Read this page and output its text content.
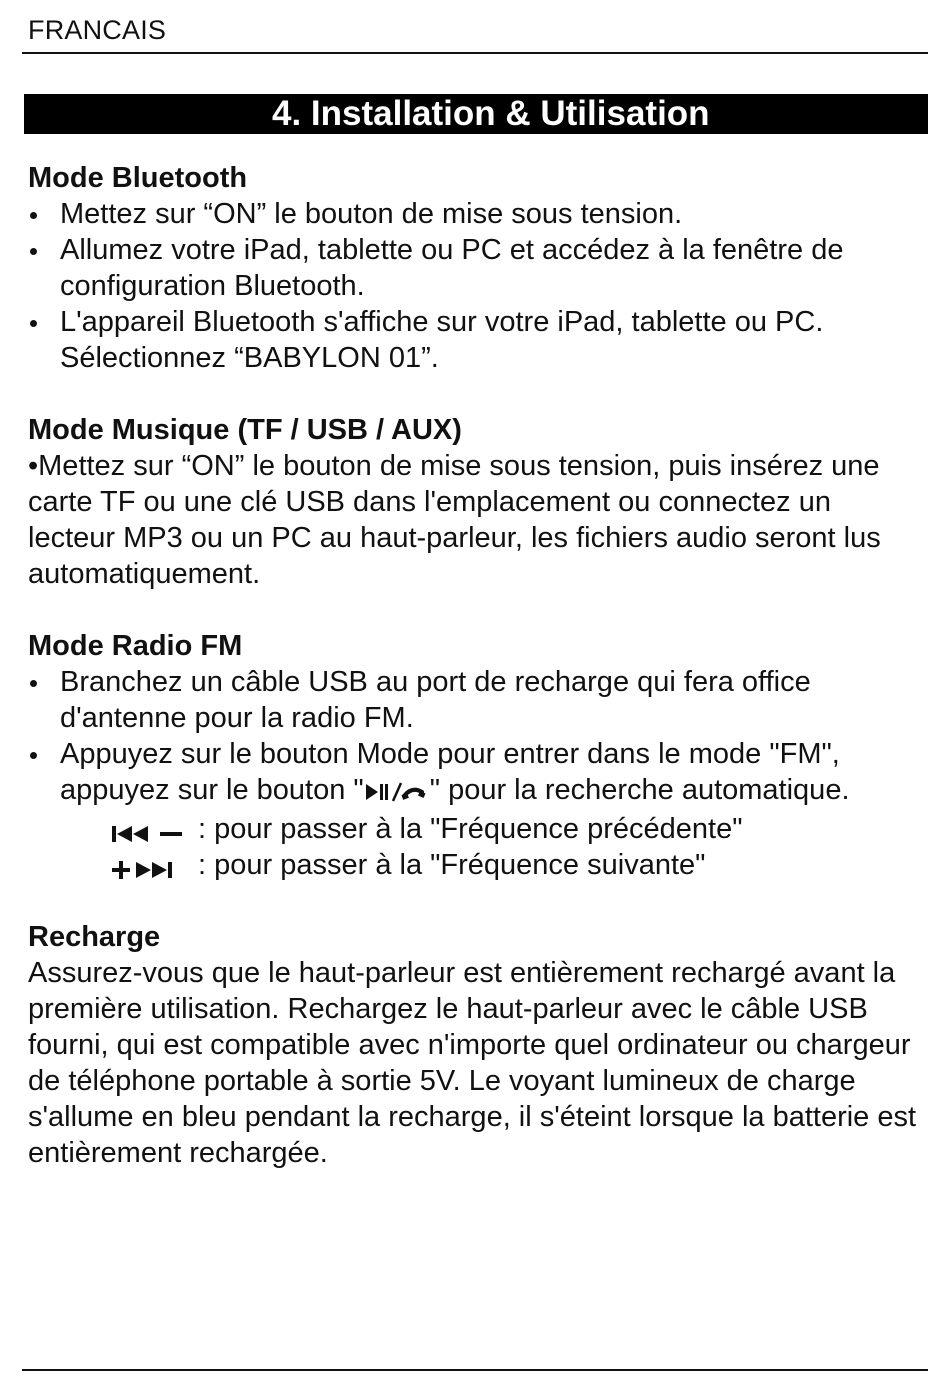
FRANCAIS
4. Installation & Utilisation
Mode Bluetooth
Mettez sur “ON” le bouton de mise sous tension.
Allumez votre iPad, tablette ou PC et accédez à la fenêtre de configuration Bluetooth.
L'appareil Bluetooth s'affiche sur votre iPad, tablette ou PC. Sélectionnez “BABYLON 01”.
Mode Musique (TF / USB / AUX)

•Mettez sur “ON” le bouton de mise sous tension, puis insérez une carte TF ou une clé USB dans l'emplacement ou connectez un lecteur MP3 ou un PC au haut-parleur, les fichiers audio seront lus automatiquement.

Mode Radio FM
Branchez un câble USB au port de recharge qui fera office d'antenne pour la radio FM.
Appuyez sur le bouton Mode pour entrer dans le mode "FM",
appuyez sur le bouton " " pour la recherche automatique.
: pour passer à la "Fréquence précédente"
: pour passer à la "Fréquence suivante"
Recharge

Assurez-vous que le haut-parleur est entièrement rechargé avant la première utilisation. Rechargez le haut-parleur avec le câble USB fourni, qui est compatible avec n'importe quel ordinateur ou chargeur de téléphone portable à sortie 5V. Le voyant lumineux de charge s'allume en bleu pendant la recharge, il s'éteint lorsque la batterie est entièrement rechargée.
